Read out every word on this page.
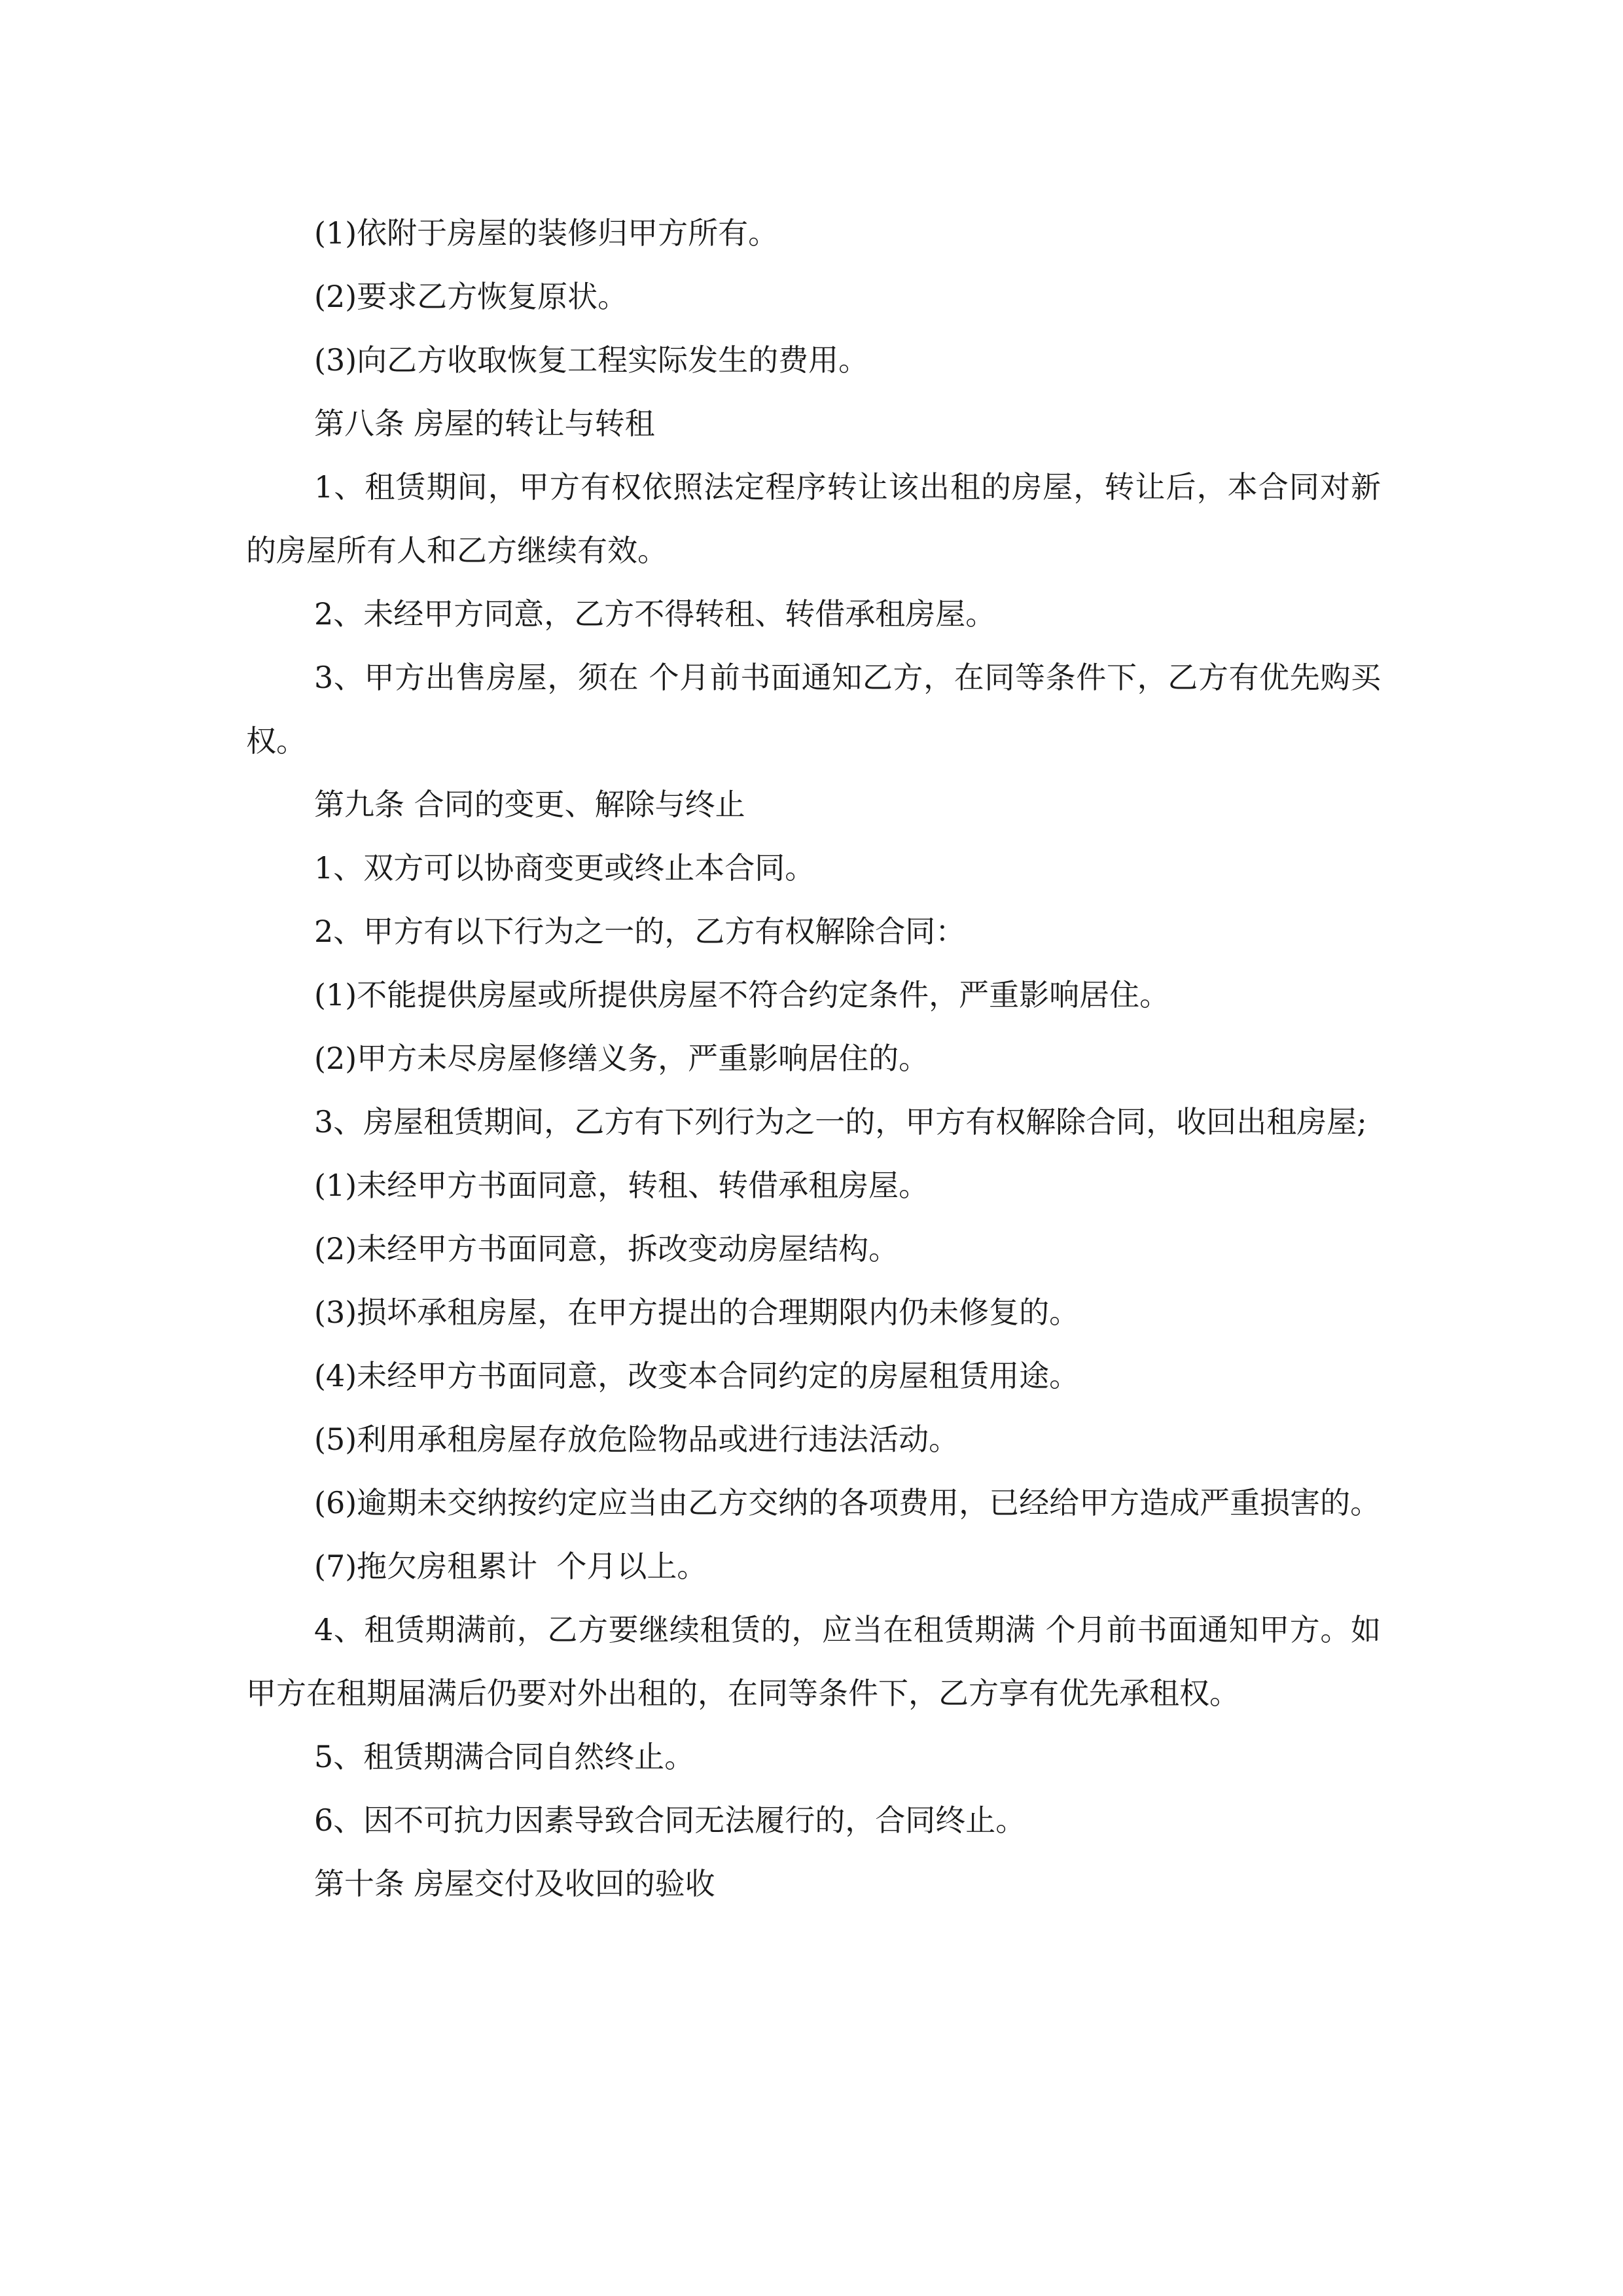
(1)依附于房屋的装修归甲方所有。

(2)要求乙方恢复原状。

(3)向乙方收取恢复工程实际发生的费用。

第八条 房屋的转让与转租

1、租赁期间，甲方有权依照法定程序转让该出租的房屋，转让后，本合同对新的房屋所有人和乙方继续有效。

2、未经甲方同意，乙方不得转租、转借承租房屋。

3、甲方出售房屋，须在 个月前书面通知乙方，在同等条件下，乙方有优先购买权。

第九条 合同的变更、解除与终止

1、双方可以协商变更或终止本合同。

2、甲方有以下行为之一的，乙方有权解除合同：

(1)不能提供房屋或所提供房屋不符合约定条件，严重影响居住。

(2)甲方未尽房屋修缮义务，严重影响居住的。

3、房屋租赁期间，乙方有下列行为之一的，甲方有权解除合同，收回出租房屋;

(1)未经甲方书面同意，转租、转借承租房屋。

(2)未经甲方书面同意，拆改变动房屋结构。

(3)损坏承租房屋，在甲方提出的合理期限内仍未修复的。

(4)未经甲方书面同意，改变本合同约定的房屋租赁用途。

(5)利用承租房屋存放危险物品或进行违法活动。

(6)逾期未交纳按约定应当由乙方交纳的各项费用，已经给甲方造成严重损害的。

(7)拖欠房租累计  个月以上。

4、租赁期满前，乙方要继续租赁的，应当在租赁期满 个月前书面通知甲方。如甲方在租期届满后仍要对外出租的，在同等条件下，乙方享有优先承租权。

5、租赁期满合同自然终止。

6、因不可抗力因素导致合同无法履行的，合同终止。

第十条 房屋交付及收回的验收
